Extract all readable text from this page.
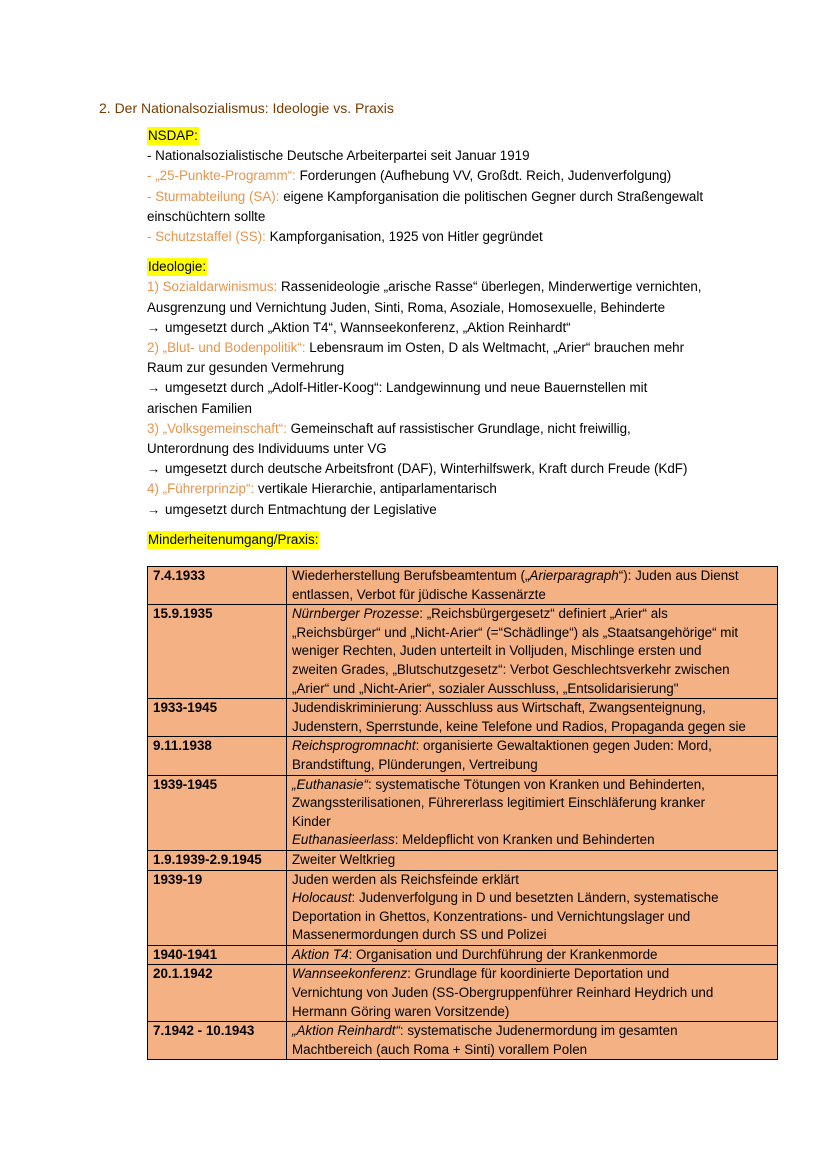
2. Der Nationalsozialismus: Ideologie vs. Praxis
NSDAP:
- Nationalsozialistische Deutsche Arbeiterpartei seit Januar 1919
- „25-Punkte-Programm“: Forderungen (Aufhebung VV, Großdt. Reich, Judenverfolgung)
- Sturmabteilung (SA): eigene Kampforganisation die politischen Gegner durch Straßengewalt
einschüchtern sollte
- Schutzstaffel (SS): Kampforganisation, 1925 von Hitler gegründet
Ideologie:
1) Sozialdarwinismus: Rassenideologie „arische Rasse“ überlegen, Minderwertige vernichten,
Ausgrenzung und Vernichtung Juden, Sinti, Roma, Asoziale, Homosexuelle, Behinderte
→ umgesetzt durch „Aktion T4“, Wannseekonferenz, „Aktion Reinhardt“
2) „Blut- und Bodenpolitik“: Lebensraum im Osten, D als Weltmacht, „Arier“ brauchen mehr
Raum zur gesunden Vermehrung
→ umgesetzt durch „Adolf-Hitler-Koog“: Landgewinnung und neue Bauernstellen mit
arischen Familien
3) „Volksgemeinschaft“: Gemeinschaft auf rassistischer Grundlage, nicht freiwillig,
Unterordnung des Individuums unter VG
→ umgesetzt durch deutsche Arbeitsfront (DAF), Winterhilfswerk, Kraft durch Freude (KdF)
4) „Führerprinzip“: vertikale Hierarchie, antiparlamentarisch
→ umgesetzt durch Entmachtung der Legislative
Minderheitenumgang/Praxis:
7.4.1933	Wiederherstellung Berufsbeamtentum („Arierparagraph“): Juden aus Dienst
entlassen, Verbot für jüdische Kassenärzte

15.9.1935	Nürnberger Prozesse: „Reichsbürgergesetz“ definiert „Arier“ als
„Reichsbürger“ und „Nicht-Arier“ (=“Schädlinge“) als „Staatsangehörige“ mit
weniger Rechten, Juden unterteilt in Volljuden, Mischlinge ersten und
zweiten Grades, „Blutschutzgesetz“: Verbot Geschlechtsverkehr zwischen
„Arier“ und „Nicht-Arier“, sozialer Ausschluss, „Entsolidarisierung"

1933-1945	Judendiskriminierung: Ausschluss aus Wirtschaft, Zwangsenteignung,
Judenstern, Sperrstunde, keine Telefone und Radios, Propaganda gegen sie

9.11.1938	Reichsprogromnacht: organisierte Gewaltaktionen gegen Juden: Mord,
Brandstiftung, Plünderungen, Vertreibung

1939-1945	„Euthanasie“: systematische Tötungen von Kranken und Behinderten,
Zwangssterilisationen, Führererlass legitimiert Einschläferung kranker
Kinder
Euthanasieerlass: Meldepflicht von Kranken und Behinderten

1.9.1939-2.9.1945	Zweiter Weltkrieg

1939-19	Juden werden als Reichsfeinde erklärt
Holocaust: Judenverfolgung in D und besetzten Ländern, systematische
Deportation in Ghettos, Konzentrations- und Vernichtungslager und
Massenermordungen durch SS und Polizei

1940-1941	Aktion T4: Organisation und Durchführung der Krankenmorde

20.1.1942	Wannseekonferenz: Grundlage für koordinierte Deportation und
Vernichtung von Juden (SS-Obergruppenführer Reinhard Heydrich und
Hermann Göring waren Vorsitzende)

7.1942 - 10.1943	„Aktion Reinhardt“: systematische Judenermordung im gesamten
Machtbereich (auch Roma + Sinti) vorallem Polen
